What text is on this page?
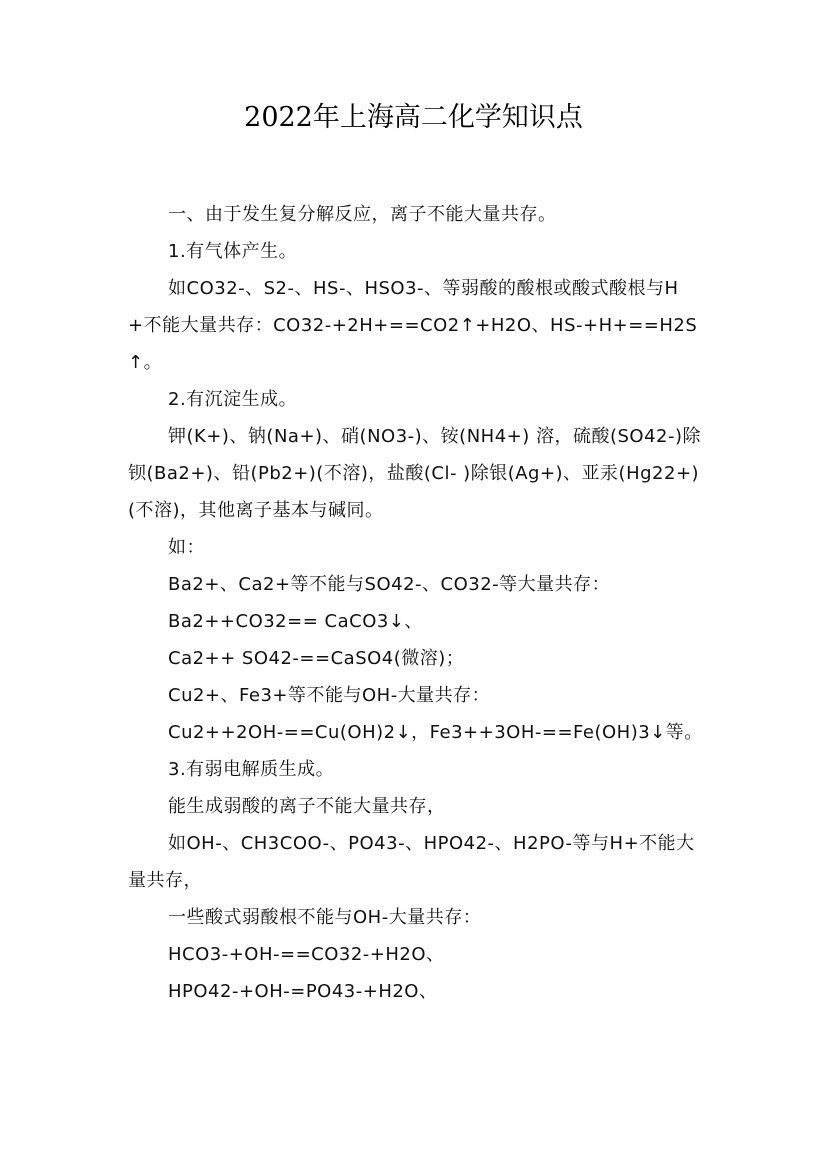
2022年上海高二化学知识点

一、由于发生复分解反应，离子不能大量共存。

1.有气体产生。

如CO32-、S2-、HS-、HSO3-、等弱酸的酸根或酸式酸根与H+不能大量共存：CO32-+2H+==CO2↑+H2O、HS-+H+==H2S↑。

2.有沉淀生成。

钾(K+)、钠(Na+)、硝(NO3-)、铵(NH4+) 溶，硫酸(SO42-)除钡(Ba2+)、铅(Pb2+)(不溶)，盐酸(Cl- )除银(Ag+)、亚汞(Hg22+)(不溶)，其他离子基本与碱同。

如：

Ba2+、Ca2+等不能与SO42-、CO32-等大量共存：

Ba2++CO32== CaCO3↓、

Ca2++ SO42-==CaSO4(微溶)；

Cu2+、Fe3+等不能与OH-大量共存：

Cu2++2OH-==Cu(OH)2↓，Fe3++3OH-==Fe(OH)3↓等。

3.有弱电解质生成。

能生成弱酸的离子不能大量共存，

如OH-、CH3COO-、PO43-、HPO42-、H2PO-等与H+不能大量共存，

一些酸式弱酸根不能与OH-大量共存：

HCO3-+OH-==CO32-+H2O、

HPO42-+OH-=PO43-+H2O、
